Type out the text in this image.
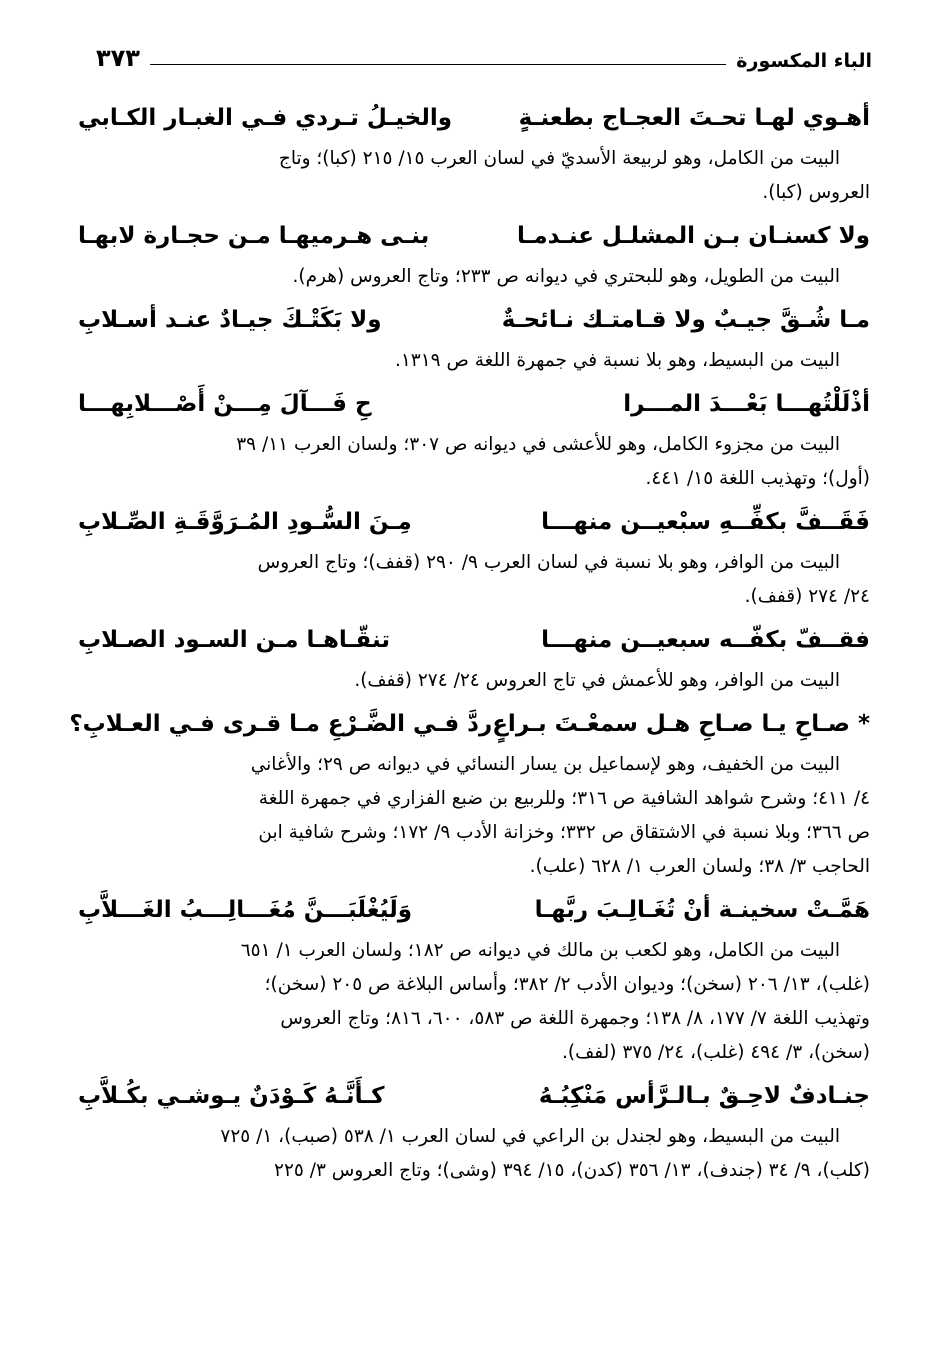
الباء المكسورة
٣٧٣
أهـوي لهـا تحـتَ العجـاج بطعنـةٍ
والخيـلُ تـردي فـي الغبـار الكـابي
البيت من الكامل، وهو لربيعة الأسديّ في لسان العرب ١٥/ ٢١٥ (كبا)؛ وتاج
العروس (كبا).
ولا كسنـان بـن المشلـل عنـدمـا
بنـى هـرميهـا مـن حجـارة لابهـا
البيت من الطويل، وهو للبحتري في ديوانه ص ٢٣٣؛ وتاج العروس (هرم).
مـا شُـقَّ جيـبٌ ولا قـامتـك نـائحـةٌ
ولا بَكَتْـكَ جيـادٌ عنـد أسـلابِ
البيت من البسيط، وهو بلا نسبة في جمهرة اللغة ص ١٣١٩.
أذْلَلْتُهـــا بَعْـــدَ المـــرا
حِ فَـــآلَ مِـــنْ أَصْـــلابِهـــا
البيت من مجزوء الكامل، وهو للأعشى في ديوانه ص ٣٠٧؛ ولسان العرب ١١/ ٣٩
(أول)؛ وتهذيب اللغة ١٥/ ٤٤١.
فَقَــفَّ بكفِّــهِ سبْعيــن منهـــا
مِـنَ السُّـودِ المُـرَوَّقَـةِ الصِّـلابِ
البيت من الوافر، وهو بلا نسبة في لسان العرب ٩/ ٢٩٠ (قفف)؛ وتاج العروس
٢٤/ ٢٧٤ (قفف).
فقــفّ بكفّــه سبعيــن منهـــا
تنقّـاهـا مـن السـود الصـلابِ
البيت من الوافر، وهو للأعمش في تاج العروس ٢٤/ ٢٧٤ (قفف).
* صـاحِ يـا صـاحِ هـل سمعْـتَ بـراعٍ
ردَّ فـي الضَّـرْعِ مـا قـرى فـي العـلابِ؟
البيت من الخفيف، وهو لإسماعيل بن يسار النسائي في ديوانه ص ٢٩؛ والأغاني
٤/ ٤١١؛ وشرح شواهد الشافية ص ٣١٦؛ وللربيع بن ضبع الفزاري في جمهرة اللغة
ص ٣٦٦؛ وبلا نسبة في الاشتقاق ص ٣٣٢؛ وخزانة الأدب ٩/ ١٧٢؛ وشرح شافية ابن
الحاجب ٣/ ٣٨؛ ولسان العرب ١/ ٦٢٨ (علب).
هَمَّـتْ سخينـة أنْ تُغَـالِـبَ ربَّهـا
وَلَيُغْلَبَـــنَّ مُغَـــالِـــبُ الغَـــلاَّبِ
البيت من الكامل، وهو لكعب بن مالك في ديوانه ص ١٨٢؛ ولسان العرب ١/ ٦٥١
(غلب)، ١٣/ ٢٠٦ (سخن)؛ وديوان الأدب ٢/ ٣٨٢؛ وأساس البلاغة ص ٢٠٥ (سخن)؛
وتهذيب اللغة ٧/ ١٧٧، ٨/ ١٣٨؛ وجمهرة اللغة ص ٥٨٣، ٦٠٠، ٨١٦؛ وتاج العروس
(سخن)، ٣/ ٤٩٤ (غلب)، ٢٤/ ٣٧٥ (لفف).
جنـادفٌ لاحِـقٌ بـالـرَّأس مَنْكِبُـهُ
كـأَنَّـهُ كَـوْدَنٌ يـوشـي بكُـلاَّبِ
البيت من البسيط، وهو لجندل بن الراعي في لسان العرب ١/ ٥٣٨ (صبب)، ١/ ٧٢٥
(كلب)، ٩/ ٣٤ (جندف)، ١٣/ ٣٥٦ (كدن)، ١٥/ ٣٩٤ (وشى)؛ وتاج العروس ٣/ ٢٢٥
